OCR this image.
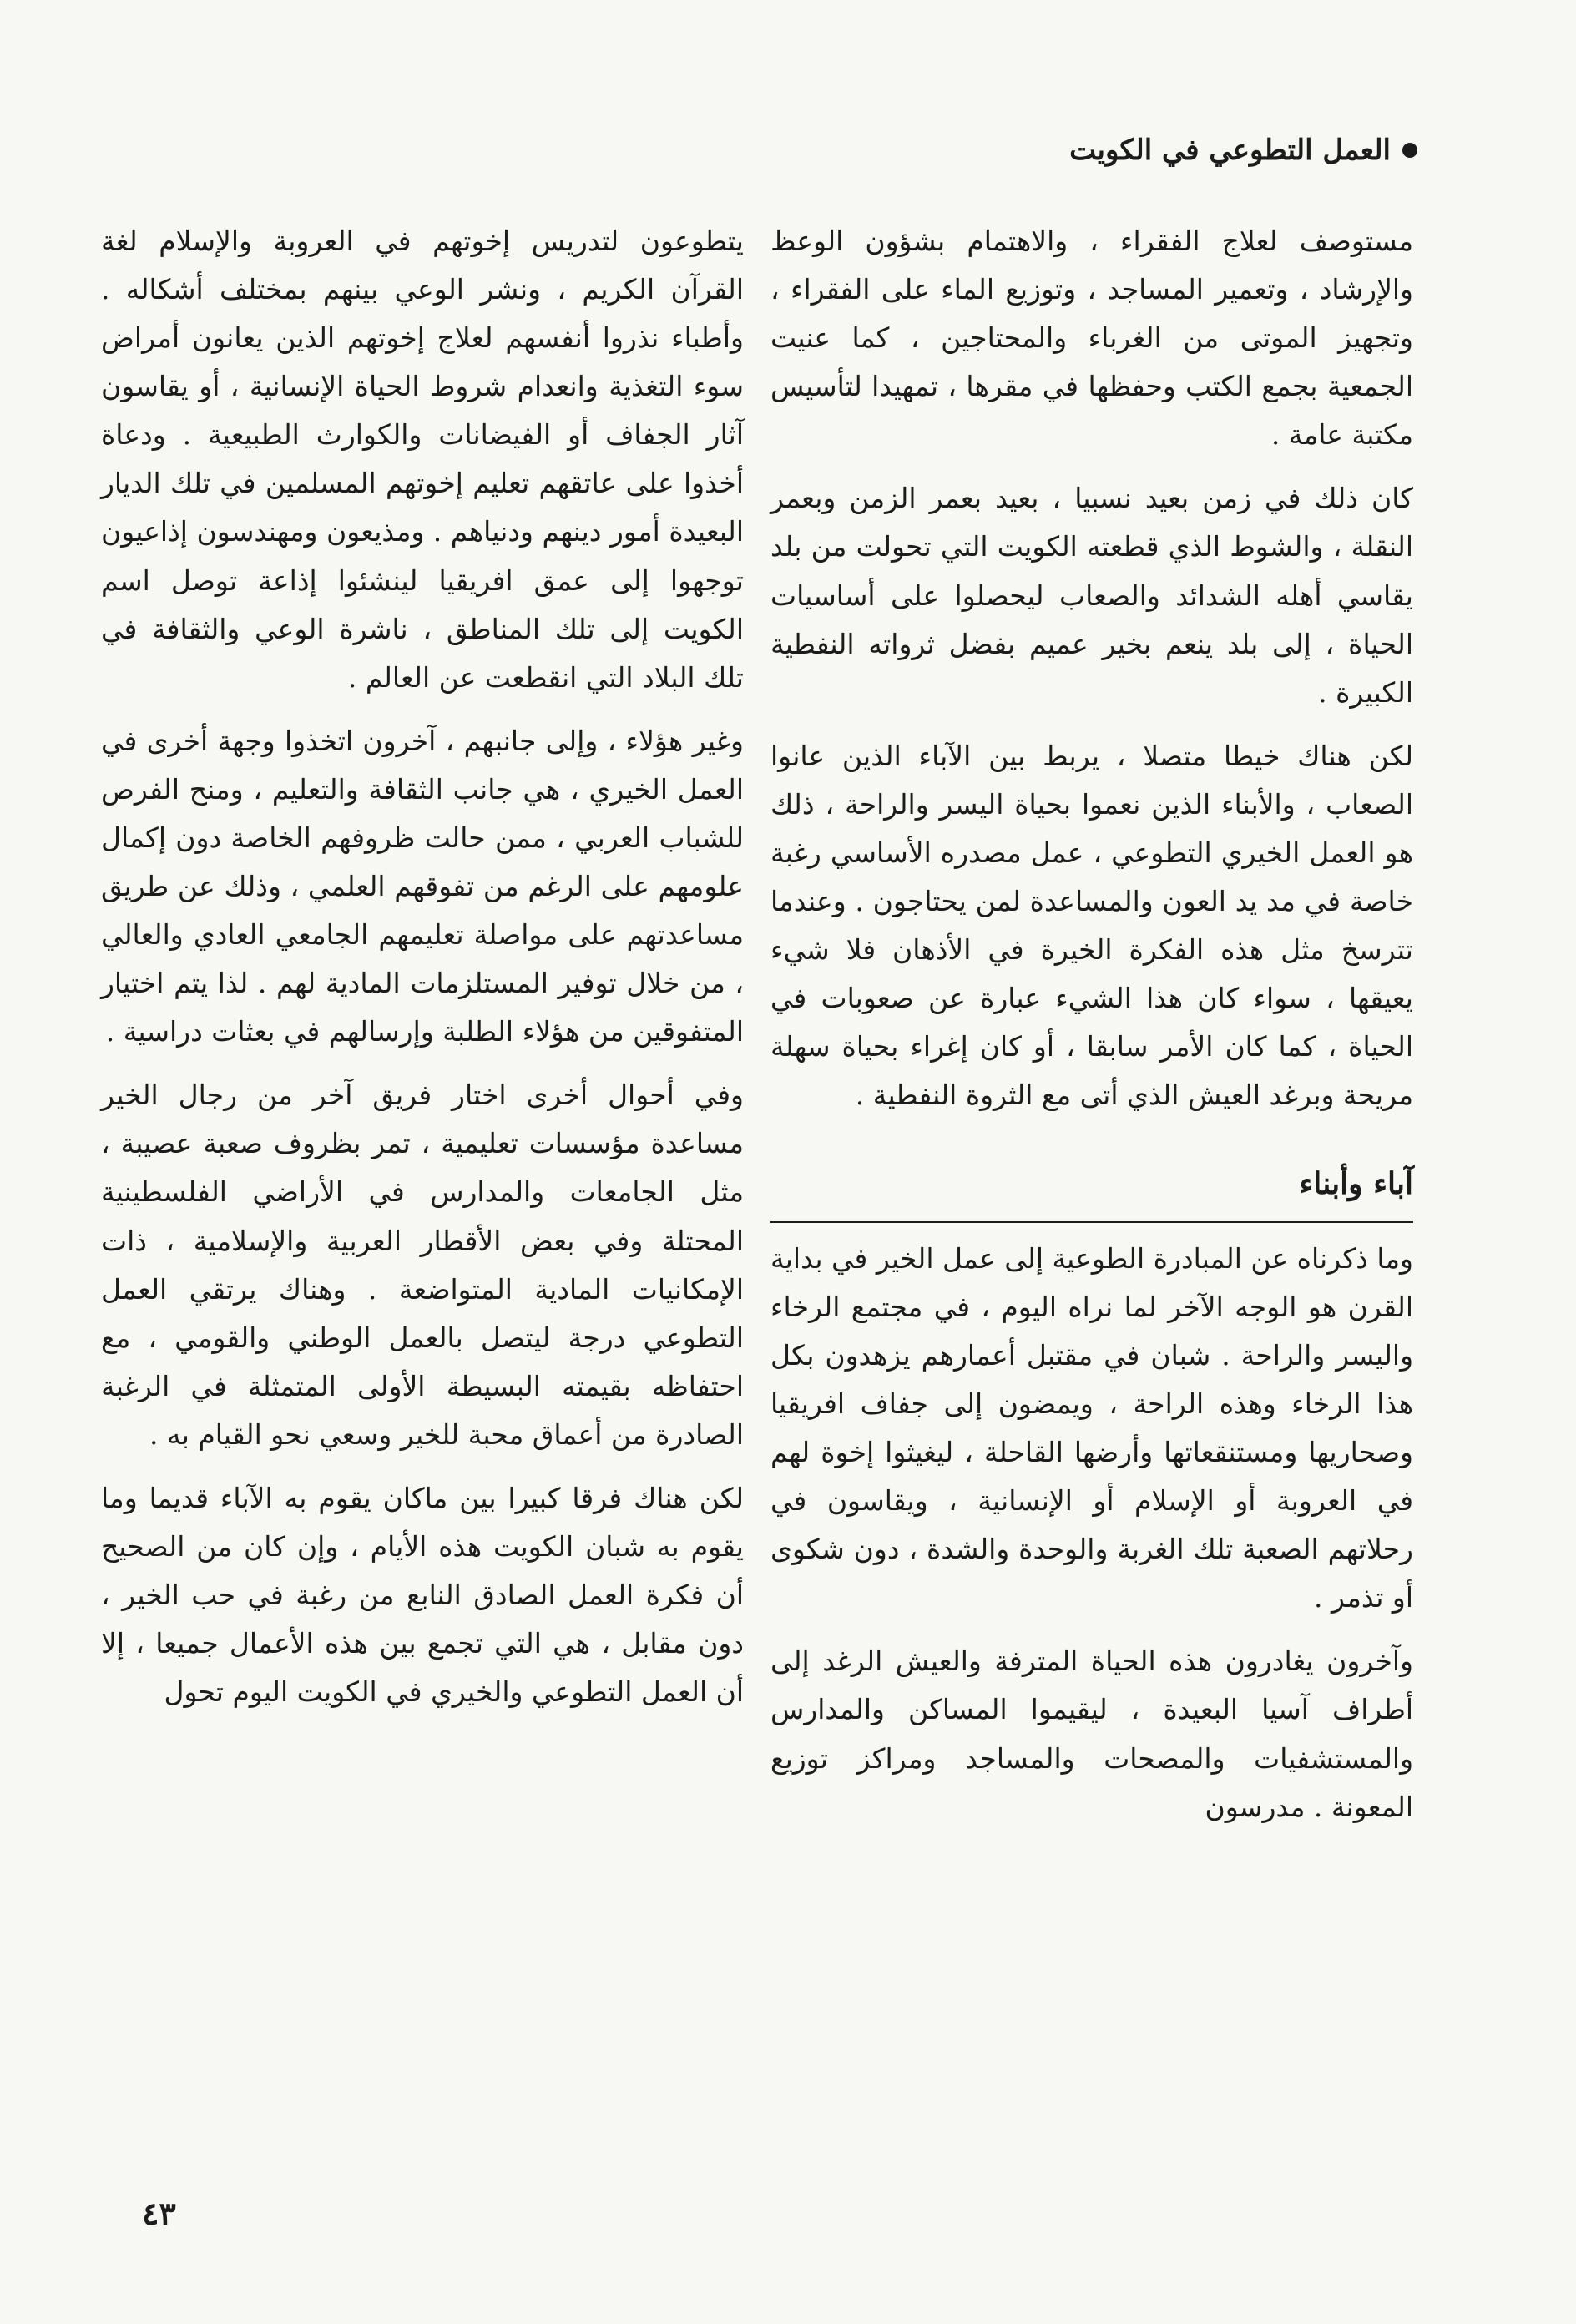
العمل التطوعي في الكويت

مستوصف لعلاج الفقراء ، والاهتمام بشؤون الوعظ والإرشاد ، وتعمير المساجد ، وتوزيع الماء على الفقراء ، وتجهيز الموتى من الغرباء والمحتاجين ، كما عنيت الجمعية بجمع الكتب وحفظها في مقرها ، تمهيدا لتأسيس مكتبة عامة .

كان ذلك في زمن بعيد نسبيا ، بعيد بعمر الزمن وبعمر النقلة ، والشوط الذي قطعته الكويت التي تحولت من بلد يقاسي أهله الشدائد والصعاب ليحصلوا على أساسيات الحياة ، إلى بلد ينعم بخير عميم بفضل ثرواته النفطية الكبيرة .

لكن هناك خيطا متصلا ، يربط بين الآباء الذين عانوا الصعاب ، والأبناء الذين نعموا بحياة اليسر والراحة ، ذلك هو العمل الخيري التطوعي ، عمل مصدره الأساسي رغبة خاصة في مد يد العون والمساعدة لمن يحتاجون . وعندما تترسخ مثل هذه الفكرة الخيرة في الأذهان فلا شيء يعيقها ، سواء كان هذا الشيء عبارة عن صعوبات في الحياة ، كما كان الأمر سابقا ، أو كان إغراء بحياة سهلة مريحة وبرغد العيش الذي أتى مع الثروة النفطية .

آباء وأبناء

وما ذكرناه عن المبادرة الطوعية إلى عمل الخير في بداية القرن هو الوجه الآخر لما نراه اليوم ، في مجتمع الرخاء واليسر والراحة . شبان في مقتبل أعمارهم يزهدون بكل هذا الرخاء وهذه الراحة ، ويمضون إلى جفاف افريقيا وصحاريها ومستنقعاتها وأرضها القاحلة ، ليغيثوا إخوة لهم في العروبة أو الإسلام أو الإنسانية ، ويقاسون في رحلاتهم الصعبة تلك الغربة والوحدة والشدة ، دون شكوى أو تذمر .

وآخرون يغادرون هذه الحياة المترفة والعيش الرغد إلى أطراف آسيا البعيدة ، ليقيموا المساكن والمدارس والمستشفيات والمصحات والمساجد ومراكز توزيع المعونة . مدرسون

يتطوعون لتدريس إخوتهم في العروبة والإسلام لغة القرآن الكريم ، ونشر الوعي بينهم بمختلف أشكاله . وأطباء نذروا أنفسهم لعلاج إخوتهم الذين يعانون أمراض سوء التغذية وانعدام شروط الحياة الإنسانية ، أو يقاسون آثار الجفاف أو الفيضانات والكوارث الطبيعية . ودعاة أخذوا على عاتقهم تعليم إخوتهم المسلمين في تلك الديار البعيدة أمور دينهم ودنياهم . ومذيعون ومهندسون إذاعيون توجهوا إلى عمق افريقيا لينشئوا إذاعة توصل اسم الكويت إلى تلك المناطق ، ناشرة الوعي والثقافة في تلك البلاد التي انقطعت عن العالم .

وغير هؤلاء ، وإلى جانبهم ، آخرون اتخذوا وجهة أخرى في العمل الخيري ، هي جانب الثقافة والتعليم ، ومنح الفرص للشباب العربي ، ممن حالت ظروفهم الخاصة دون إكمال علومهم على الرغم من تفوقهم العلمي ، وذلك عن طريق مساعدتهم على مواصلة تعليمهم الجامعي العادي والعالي ، من خلال توفير المستلزمات المادية لهم . لذا يتم اختيار المتفوقين من هؤلاء الطلبة وإرسالهم في بعثات دراسية .

وفي أحوال أخرى اختار فريق آخر من رجال الخير مساعدة مؤسسات تعليمية ، تمر بظروف صعبة عصيبة ، مثل الجامعات والمدارس في الأراضي الفلسطينية المحتلة وفي بعض الأقطار العربية والإسلامية ، ذات الإمكانيات المادية المتواضعة . وهناك يرتقي العمل التطوعي درجة ليتصل بالعمل الوطني والقومي ، مع احتفاظه بقيمته البسيطة الأولى المتمثلة في الرغبة الصادرة من أعماق محبة للخير وسعي نحو القيام به .

لكن هناك فرقا كبيرا بين ماكان يقوم به الآباء قديما وما يقوم به شبان الكويت هذه الأيام ، وإن كان من الصحيح أن فكرة العمل الصادق النابع من رغبة في حب الخير ، دون مقابل ، هي التي تجمع بين هذه الأعمال جميعا ، إلا أن العمل التطوعي والخيري في الكويت اليوم تحول

٤٣
